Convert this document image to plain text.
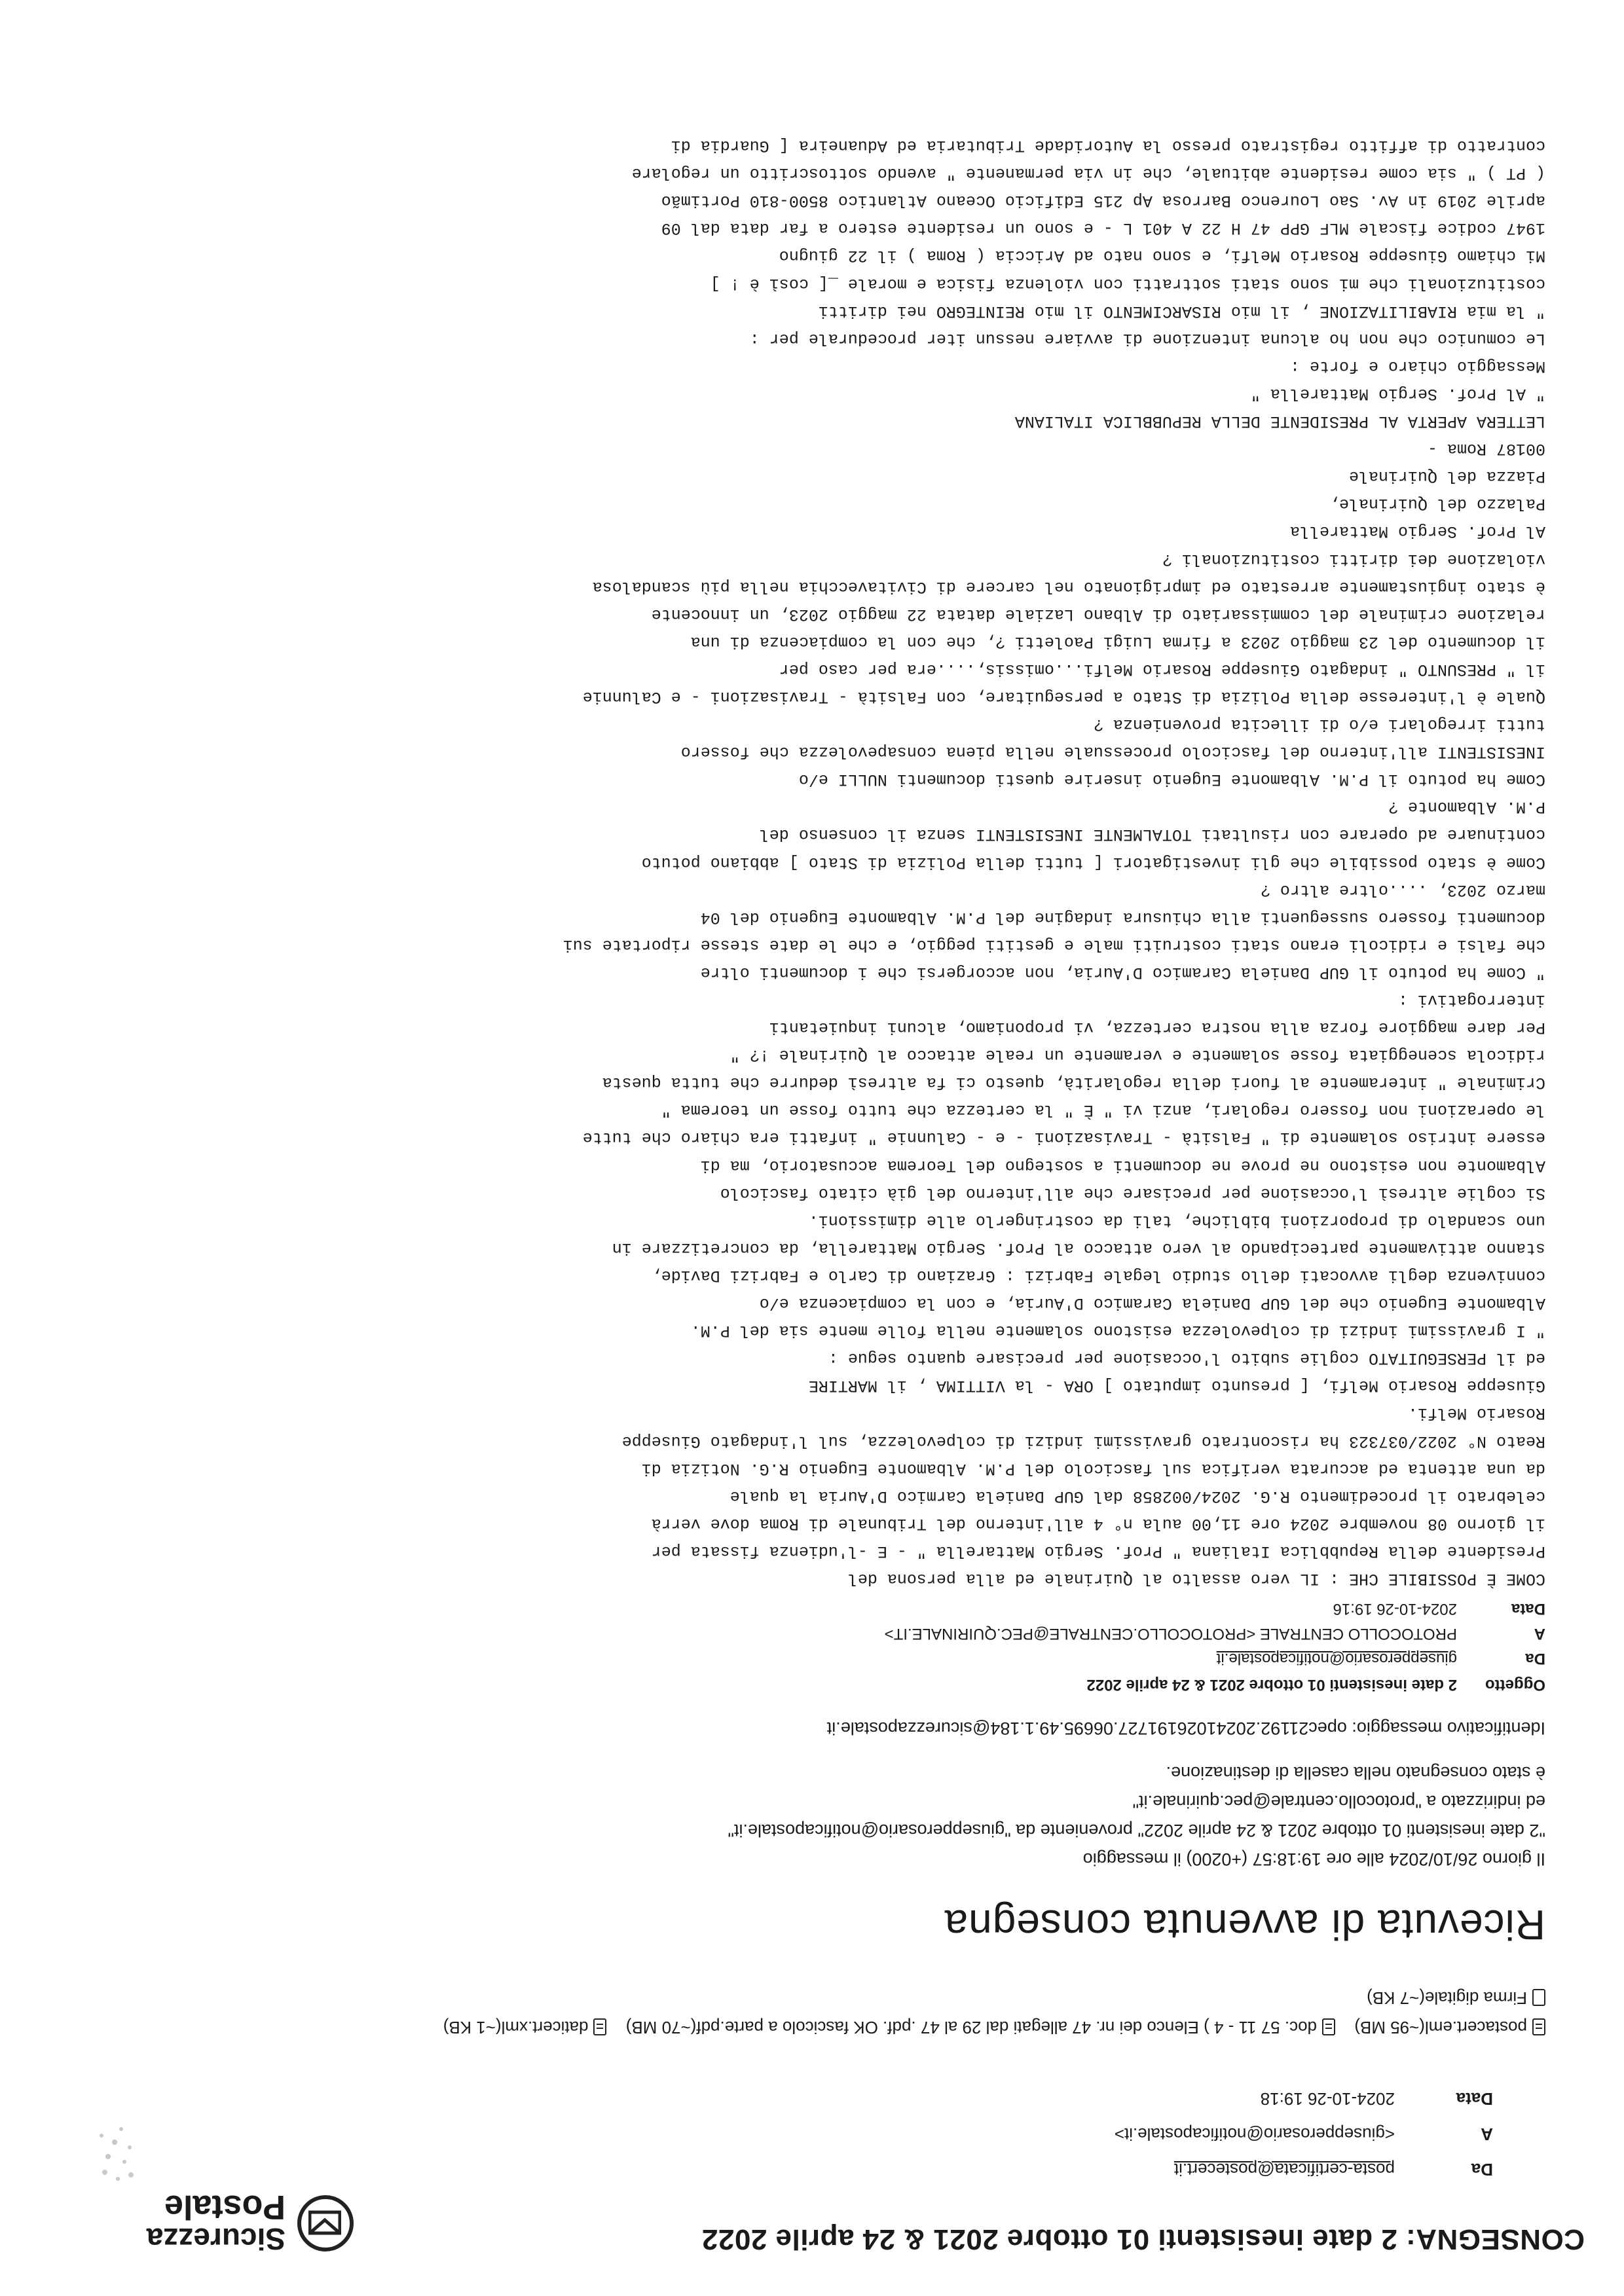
CONSEGNA: 2 date inesistenti 01 ottobre 2021 & 24 aprile 2022
Sicurezza
Postale
Da
posta-certificata@postecert.it
A
<giusepperosario@notificapostale.it>
Data
2024-10-26 19:18
postacert.eml(~95 MB) doc. 57 11 - 4 ) Elenco dei nr. 47 allegati dal 29 al 47 .pdf. OK fascicolo a parte.pdf(~70 MB) daticert.xml(~1 KB)
Firma digitale(~7 KB)
Ricevuta di avvenuta consegna
Il giorno 26/10/2024 alle ore 19:18:57 (+0200) il messaggio
"2 date inesistenti 01 ottobre 2021 & 24 aprile 2022" proveniente da "giusepperosario@notificapostale.it"
ed indirizzato a "protocollo.centrale@pec.quirinale.it"
è stato consegnato nella casella di destinazione.
Identificativo messaggio: opec21192.20241026191727.06695.49.1.184@sicurezzapostale.it
Oggetto
2 date inesistenti 01 ottobre 2021 & 24 aprile 2022
Da
giusepperosario@notificapostale.it
A
PROTOCOLLO CENTRALE <PROTOCOLLO.CENTRALE@PEC.QUIRINALE.IT>
Data
2024-10-26 19:16
COME È POSSIBILE CHE : IL vero assalto al Quirinale ed alla persona del
Presidente della Repubblica Italiana " Prof. Sergio Mattarella " - E -l'udienza fissata per
il giorno 08 novembre 2024 ore 11,00 aula n° 4 all'interno del Tribunale di Roma dove verrà
celebrato il procedimento R.G. 2024/002858 dal GUP Daniela Carmico D'Auria la quale
da una attenta ed accurata verifica sul fascicolo del P.M. Albamonte Eugenio R.G. Notizia di
Reato N° 2022/037323 ha riscontrato gravissimi indizi di colpevolezza, sul l'indagato Giuseppe
Rosario Melfi.
Giuseppe Rosario Melfi, [ presunto imputato ] ORA - la VITTIMA , il MARTIRE
ed il PERSEGUITATO coglie subito l'occasione per precisare quanto segue :
" I gravissimi indizi di colpevolezza esistono solamente nella folle mente sia del P.M.
Albamonte Eugenio che del GUP Daniela Caramico D'Auria, e con la compiacenza e/o
connivenza degli avvocati dello studio legale Fabrizi : Graziano di Carlo e Fabrizi Davide,
stanno attivamente partecipando al vero attacco al Prof. Sergio Mattarella, da concretizzare in
uno scandalo di proporzioni bibliche, tali da costringerlo alle dimissioni.
Si coglie altresì l'occasione per precisare che all'interno del già citato fascicolo
Albamonte non esistono ne prove ne documenti a sostegno del Teorema accusatorio, ma di
essere intriso solamente di " Falsità - Travisazioni - e - Calunnie " infatti era chiaro che tutte
le operazioni non fossero regolari, anzi vi " È " la certezza che tutto fosse un teorema "
Criminale " interamente al fuori della regolarità, questo ci fa altresì dedurre che tutta questa
ridicola sceneggiata fosse solamente e veramente un reale attacco al Quirinale !? "
Per dare maggiore forza alla nostra certezza, vi proponiamo, alcuni inquietanti
interrogativi :
" Come ha potuto il GUP Daniela Caramico D'Auria, non accorgersi che i documenti oltre
che falsi e ridicoli erano stati costruiti male e gestiti peggio, e che le date stesse riportate sui
documenti fossero susseguenti alla chiusura indagine del P.M. Albamonte Eugenio del 04
marzo 2023, ....oltre altro ?
Come è stato possibile che gli investigatori [ tutti della Polizia di Stato ] abbiano potuto
continuare ad operare con risultati TOTALMENTE INESISTENTI senza il consenso del
P.M. Albamonte ?
Come ha potuto il P.M. Albamonte Eugenio inserire questi documenti NULLI e/o
INESISTENTI all'interno del fascicolo processuale nella piena consapevolezza che fossero
tutti irregolari e/o di illecita provenienza ?
Quale è l'interesse della Polizia di Stato a perseguitare, con Falsità - Travisazioni - e Calunnie
il " PRESUNTO " indagato Giuseppe Rosario Melfi...omissis,....era per caso per
il documento del 23 maggio 2023 a firma Luigi Paoletti ?, che con la compiacenza di una
relazione criminale del commissariato di Albano Laziale datata 22 maggio 2023, un innocente
è stato ingiustamente arrestato ed imprigionato nel carcere di Civitavecchia nella più scandalosa
violazione dei diritti costituzionali ?
Al Prof. Sergio Mattarella
Palazzo del Quirinale,
Piazza del Quirinale
00187 Roma -
LETTERA APERTA AL PRESIDENTE DELLA REPUBBLICA ITALIANA
" Al Prof. Sergio Mattarella "
Messaggio chiaro e forte :
Le comunico che non ho alcuna intenzione di avviare nessun iter procedurale per :
" la mia RIABILITAZIONE , il mio RISARCIMENTO il mio REINTEGRO nei diritti
costituzionali che mi sono stati sottratti con violenza fisica e morale _[ così è ! ]
Mi chiamo Giuseppe Rosario Melfi, e sono nato ad Ariccia ( Roma ) il 22 giugno
1947 codice fiscale MLF GPP 47 H 22 A 401 L - e sono un residente estero a far data dal 09
aprile 2019 in Av. Sao Lourenco Barrosa Ap 215 Edificio Oceano Atlantico 8500-810 Portimão
( PT ) " sia come residente abituale, che in via permanente " avendo sottoscritto un regolare
contratto di affitto registrato presso la Autoridade Tributaria ed Aduaneira [ Guardia di
